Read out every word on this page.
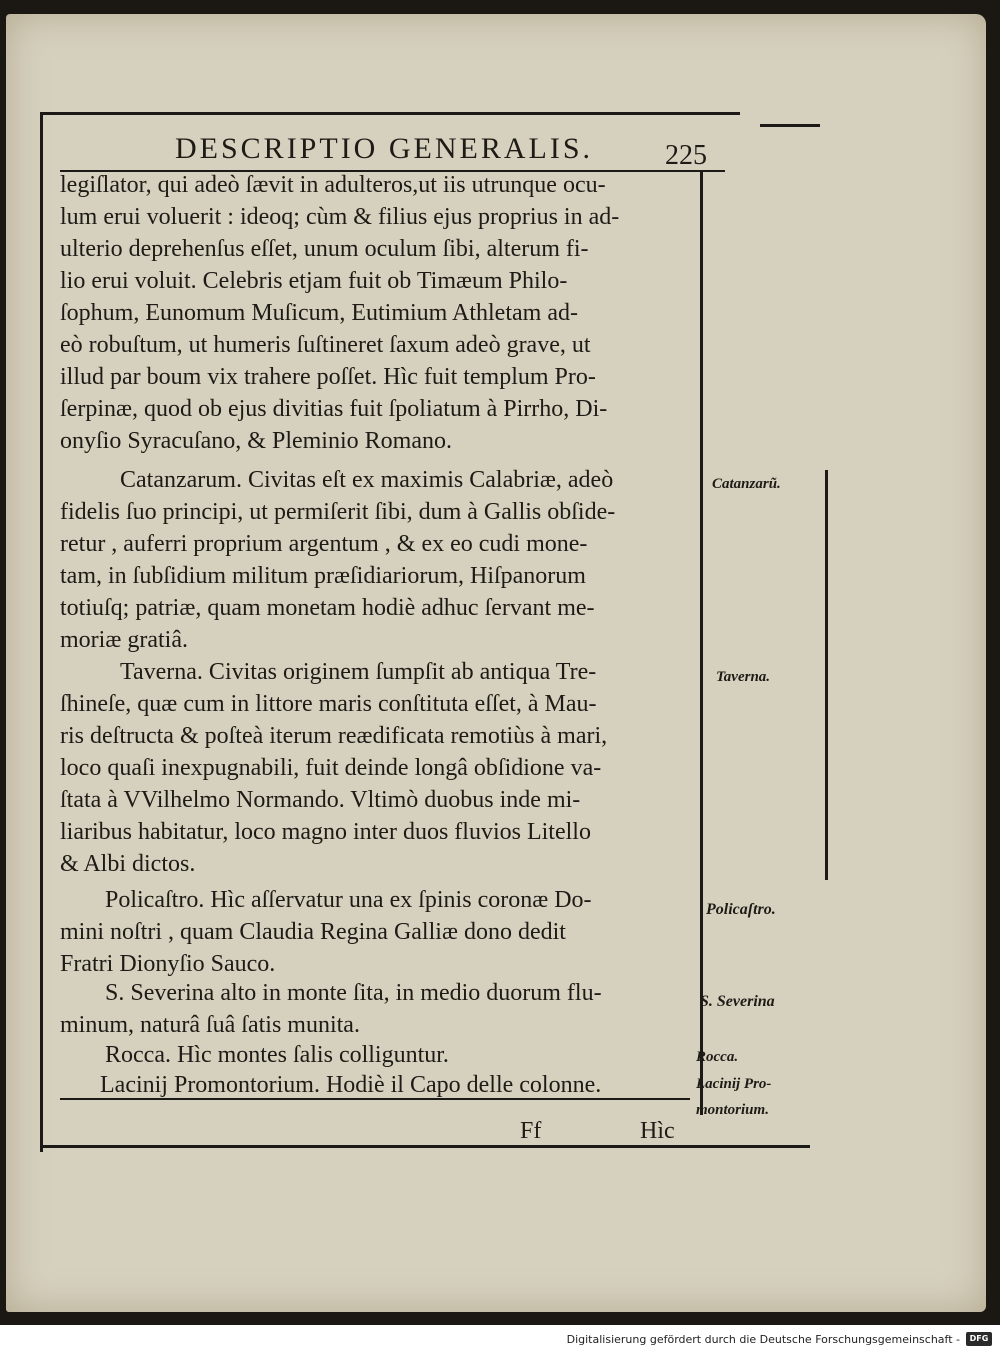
DESCRIPTIO GENERALIS.	225
legiſlator, qui adeò ſævit in adulteros,ut iis utrunque ocu-
lum erui voluerit : ideoq; cùm & filius ejus proprius in ad-
ulterio deprehenſus eſſet, unum oculum ſibi, alterum fi-
lio erui voluit. Celebris etjam fuit ob Timæum Philo-
ſophum, Eunomum Muſicum, Eutimium Athletam ad-
eò robuſtum, ut humeris ſuſtineret ſaxum adeò grave, ut
illud par boum vix trahere poſſet. Hìc fuit templum Pro-
ſerpinæ, quod ob ejus divitias fuit ſpoliatum à Pirrho, Di-
onyſio Syracuſano, & Pleminio Romano.
Catanzarum. Civitas eſt ex maximis Calabriæ, adeò
fidelis ſuo principi, ut permiſerit ſibi, dum à Gallis obſide-
retur , auferri proprium argentum , & ex eo cudi mone-
tam, in ſubſidium militum præſidiariorum, Hiſpanorum
totiuſq; patriæ, quam monetam hodiè adhuc ſervant me-
moriæ gratiâ.
Taverna. Civitas originem ſumpſit ab antiqua Tre-
ſhineſe, quæ cum in littore maris conſtituta eſſet, à Mau-
ris deſtructa & poſteà iterum reædificata remotiùs à mari,
loco quaſi inexpugnabili, fuit deinde longâ obſidione va-
ſtata à VVilhelmo Normando. Vltimò duobus inde mi-
liaribus habitatur, loco magno inter duos fluvios Litello
& Albi dictos.
Policaſtro. Hìc aſſervatur una ex ſpinis coronæ Do-
mini noſtri , quam Claudia Regina Galliæ dono dedit
Fratri Dionyſio Sauco.
S. Severina alto in monte ſita, in medio duorum flu-
minum, naturâ ſuâ ſatis munita.
Rocca. Hìc montes ſalis colliguntur.
Lacinij Promontorium. Hodiè il Capo delle colonne.
Catanzarũ.
Taverna.
Policaſtro.
S. Severina
Rocca.
Lacinij Pro-
montorium.
Ff	Hìc
Digitalisierung gefördert durch die Deutsche Forschungsgemeinschaft -	DFG
